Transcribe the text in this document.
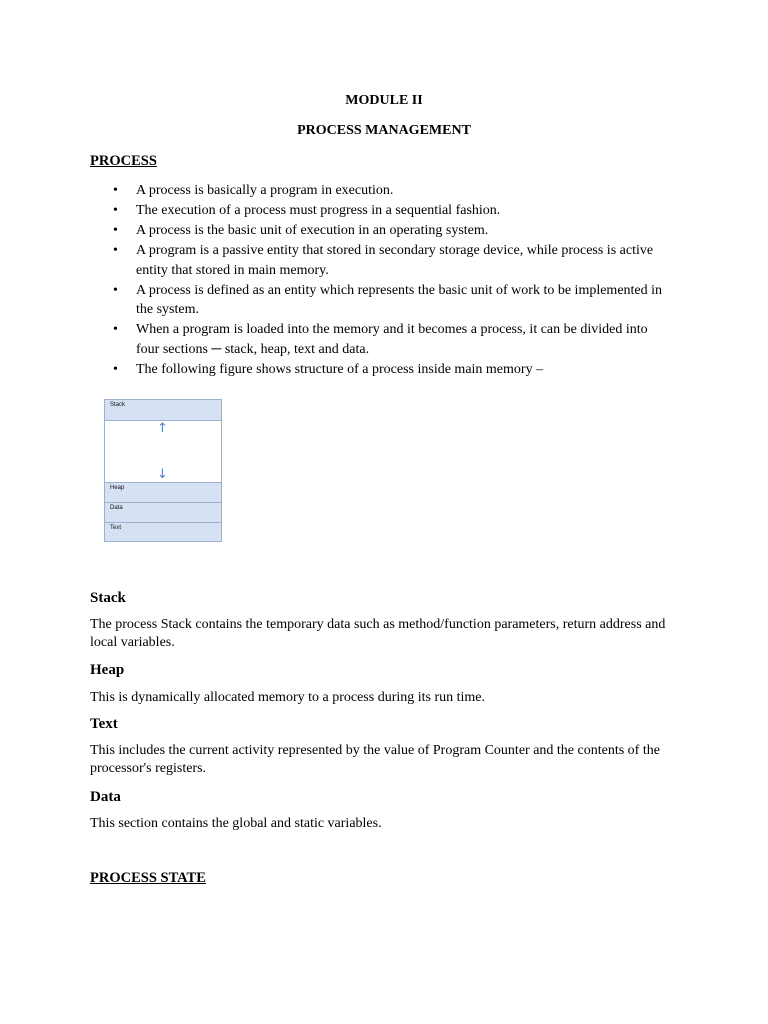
MODULE II
PROCESS MANAGEMENT
PROCESS
• A process is basically a program in execution.
• The execution of a process must progress in a sequential fashion.
• A process is the basic unit of execution in an operating system.
• A program is a passive entity that stored in secondary storage device, while process is active entity that stored in main memory.
• A process is defined as an entity which represents the basic unit of work to be implemented in the system.
• When a program is loaded into the memory and it becomes a process, it can be divided into four sections ─ stack, heap, text and data.
• The following figure shows structure of a process inside main memory –
Stack
↑
↓
Heap
Data
Text
Stack
The process Stack contains the temporary data such as method/function parameters, return address and local variables.
Heap
This is dynamically allocated memory to a process during its run time.
Text
This includes the current activity represented by the value of Program Counter and the contents of the processor's registers.
Data
This section contains the global and static variables.
PROCESS STATE
